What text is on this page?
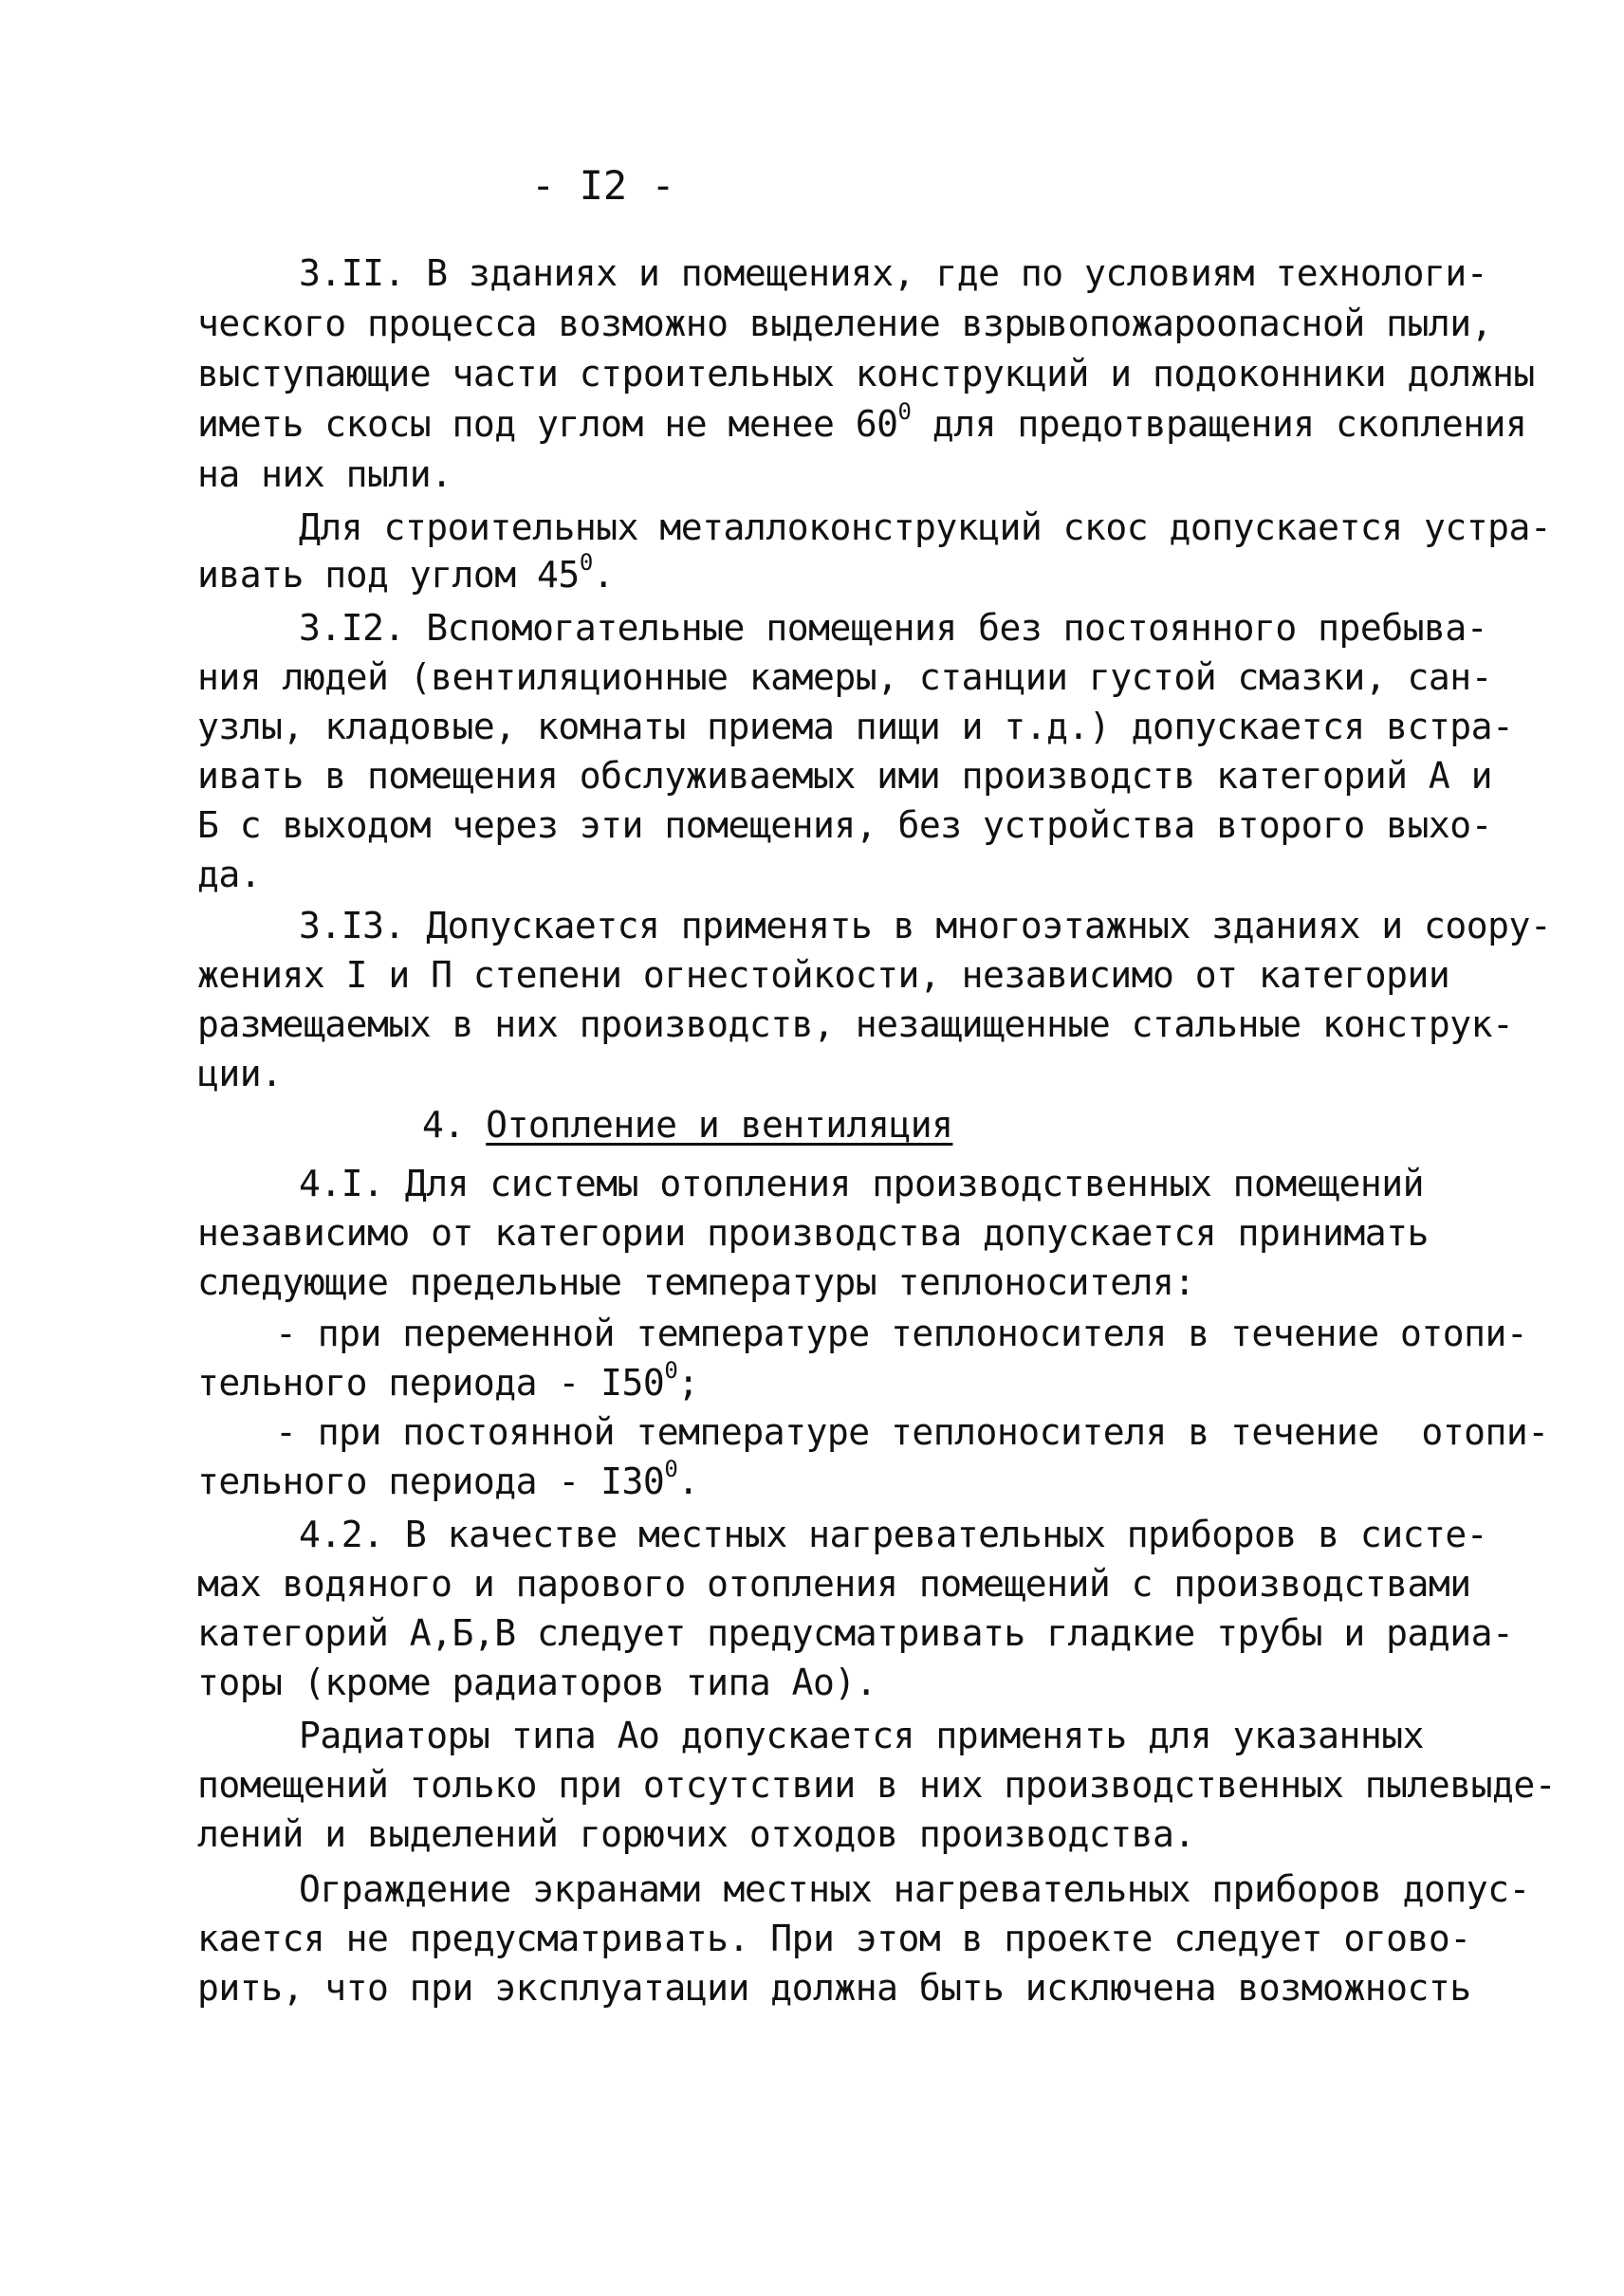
- I2 -
3.II. В зданиях и помещениях, где по условиям технологи-
ческого процесса возможно выделение взрывопожароопасной пыли,
выступающие части строительных конструкций и подоконники должны
иметь скосы под углом не менее $60^0$ для предотвращения скопления
на них пыли.
Для строительных металлоконструкций скос допускается устра-
ивать под углом $45^0$.
3.I2. Вспомогательные помещения без постоянного пребыва-
ния людей (вентиляционные камеры, станции густой смазки, сан-
узлы, кладовые, комнаты приема пищи и т.д.) допускается встра-
ивать в помещения обслуживаемых ими производств категорий А и
Б с выходом через эти помещения, без устройства второго выхо-
да.
3.I3. Допускается применять в многоэтажных зданиях и соору-
жениях I и П степени огнестойкости, независимо от категории
размещаемых в них производств, незащищенные стальные конструк-
ции.
4. Отопление и вентиляция
4.I. Для системы отопления производственных помещений
независимо от категории производства допускается принимать
следующие предельные температуры теплоносителя:
- при переменной температуре теплоносителя в течение отопи-
тельного периода - $I50^0$;
- при постоянной температуре теплоносителя в течение  отопи-
тельного периода - $I30^0$.
4.2. В качестве местных нагревательных приборов в систе-
мах водяного и парового отопления помещений с производствами
категорий А,Б,В следует предусматривать гладкие трубы и радиа-
торы (кроме радиаторов типа Ао).
Радиаторы типа Ао допускается применять для указанных
помещений только при отсутствии в них производственных пылевыде-
лений и выделений горючих отходов производства.
Ограждение экранами местных нагревательных приборов допус-
кается не предусматривать. При этом в проекте следует огово-
рить, что при эксплуатации должна быть исключена возможность
